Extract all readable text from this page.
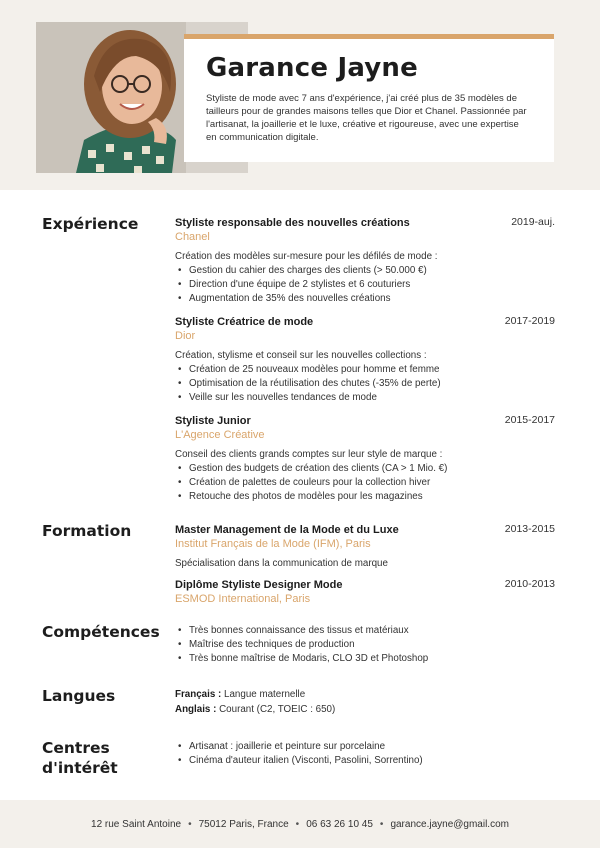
Garance Jayne
Styliste de mode avec 7 ans d'expérience, j'ai créé plus de 35 modèles de tailleurs pour de grandes maisons telles que Dior et Chanel. Passionnée par l'artisanat, la joaillerie et le luxe, créative et rigoureuse, avec une expertise en communication digitale.
Expérience	Styliste responsable des nouvelles créations
Chanel
2019-auj.
Création des modèles sur-mesure pour les défilés de mode :
• Gestion du cahier des charges des clients (> 50.000 €)
• Direction d'une équipe de 2 stylistes et 6 couturiers
• Augmentation de 35% des nouvelles créations
Styliste Créatrice de mode
Dior
2017-2019
Création, stylisme et conseil sur les nouvelles collections :
• Création de 25 nouveaux modèles pour homme et femme
• Optimisation de la réutilisation des chutes (-35% de perte)
• Veille sur les nouvelles tendances de mode
Styliste Junior
L'Agence Créative
2015-2017
Conseil des clients grands comptes sur leur style de marque :
• Gestion des budgets de création des clients (CA > 1 Mio. €)
• Création de palettes de couleurs pour la collection hiver
• Retouche des photos de modèles pour les magazines
Formation	Master Management de la Mode et du Luxe
Institut Français de la Mode (IFM), Paris
2013-2015
Spécialisation dans la communication de marque
Diplôme Styliste Designer Mode
ESMOD International, Paris
2010-2013
Compétences
•	Très bonnes connaissance des tissus et matériaux
• Maîtrise des techniques de production
• Très bonne maîtrise de Modaris, CLO 3D et Photoshop
Langues	Français : Langue maternelle
Anglais : Courant (C2, TOEIC : 650)
Centres
d'intérêt
• Artisanat : joaillerie et peinture sur porcelaine
• Cinéma d'auteur italien (Visconti, Pasolini, Sorrentino)
12 rue Saint Antoine • 75012 Paris, France • 06 63 26 10 45 • garance.jayne@gmail.com
